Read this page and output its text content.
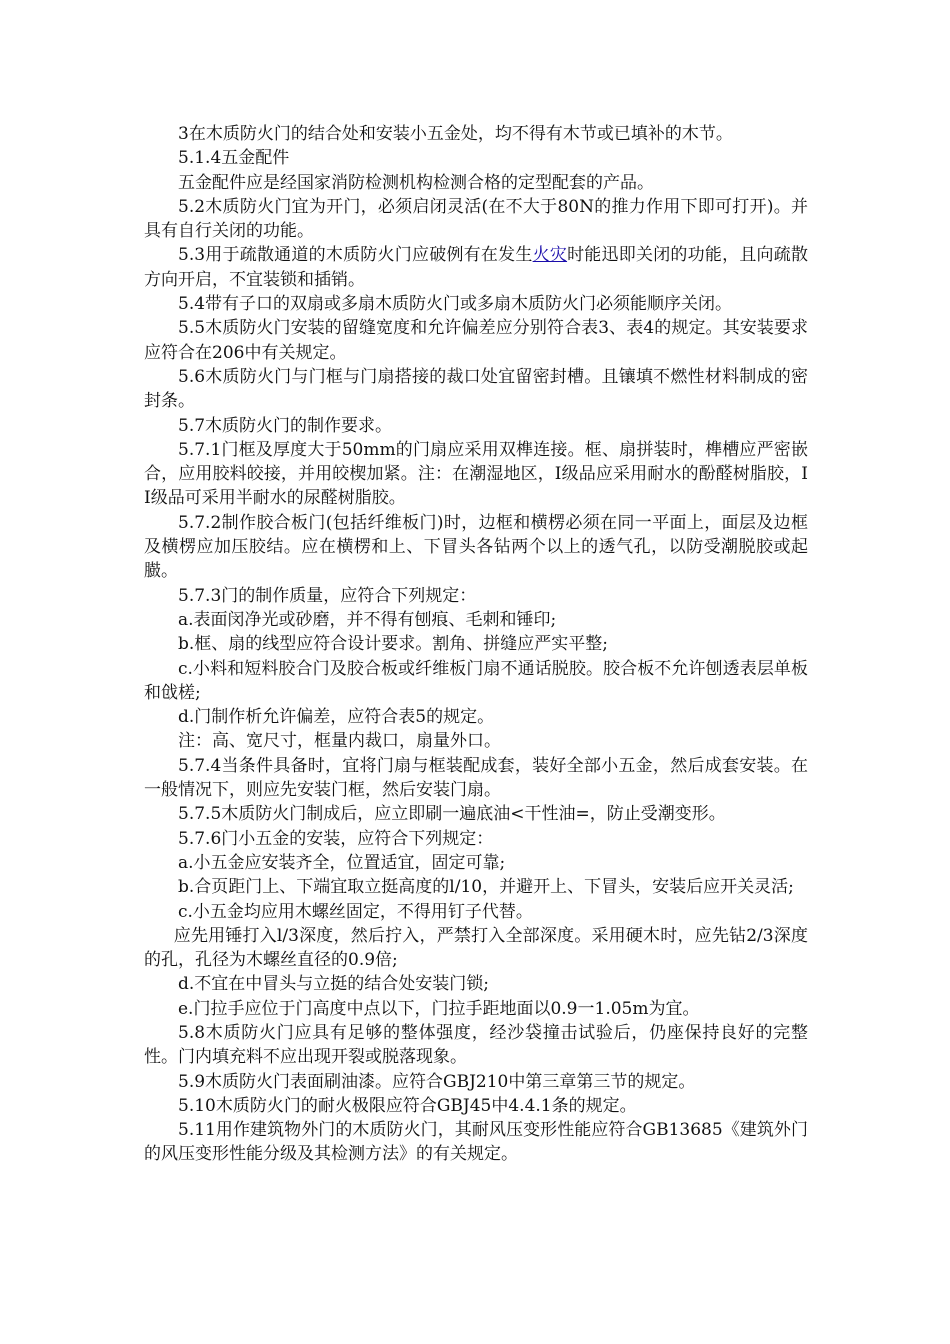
3在木质防火门的结合处和安装小五金处，均不得有木节或已填补的木节。

5.1.4五金配件

五金配件应是经国家消防检测机构检测合格的定型配套的产品。

5.2木质防火门宜为开门，必须启闭灵活(在不大于80N的推力作用下即可打开)。并具有自行关闭的功能。

5.3用于疏散通道的木质防火门应破例有在发生火灾时能迅即关闭的功能，且向疏散方向开启，不宜装锁和插销。

5.4带有子口的双扇或多扇木质防火门或多扇木质防火门必须能顺序关闭。

5.5木质防火门安装的留缝宽度和允许偏差应分别符合表3、表4的规定。其安装要求应符合在206中有关规定。

5.6木质防火门与门框与门扇搭接的裁口处宜留密封槽。且镶填不燃性材料制成的密封条。

5.7木质防火门的制作要求。

5.7.1门框及厚度大于50mm的门扇应采用双榫连接。框、扇拼装时，榫槽应严密嵌合，应用胶料皎接，并用皎楔加紧。注：在潮湿地区，I级品应采用耐水的酚醛树脂胶，II级品可采用半耐水的尿醛树脂胶。

5.7.2制作胶合板门(包括纤维板门)时，边框和横楞必须在同一平面上，面层及边框及横楞应加压胶结。应在横楞和上、下冒头各钻两个以上的透气孔，以防受潮脱胶或起臌。

5.7.3门的制作质量，应符合下列规定：

a.表面闵净光或砂磨，并不得有刨痕、毛刺和锤印;

b.框、扇的线型应符合设计要求。割角、拼缝应严实平整;

c.小料和短料胶合门及胶合板或纤维板门扇不通话脱胶。胶合板不允许刨透表层单板和戗槎;

d.门制作析允许偏差，应符合表5的规定。

注：高、宽尺寸，框量内裁口，扇量外口。

5.7.4当条件具备时，宜将门扇与框装配成套，装好全部小五金，然后成套安装。在一般情况下，则应先安装门框，然后安装门扇。

5.7.5木质防火门制成后，应立即刷一遍底油<干性油=，防止受潮变形。

5.7.6门小五金的安装，应符合下列规定：

a.小五金应安装齐全，位置适宜，固定可靠;

b.合页距门上、下端宜取立挺高度的l/10，并避开上、下冒头，安装后应开关灵活;

c.小五金均应用木螺丝固定，不得用钉子代替。

应先用锤打入l/3深度，然后拧入，严禁打入全部深度。采用硬木时，应先钻2/3深度的孔，孔径为木螺丝直径的0.9倍;

d.不宜在中冒头与立挺的结合处安装门锁;

e.门拉手应位于门高度中点以下，门拉手距地面以0.9一1.05m为宜。

5.8木质防火门应具有足够的整体强度，经沙袋撞击试验后，仍座保持良好的完整性。门内填充料不应出现开裂或脱落现象。

5.9木质防火门表面刷油漆。应符合GBJ210中第三章第三节的规定。

5.10木质防火门的耐火极限应符合GBJ45中4.4.1条的规定。

5.11用作建筑物外门的木质防火门，其耐风压变形性能应符合GB13685《建筑外门的风压变形性能分级及其检测方法》的有关规定。
